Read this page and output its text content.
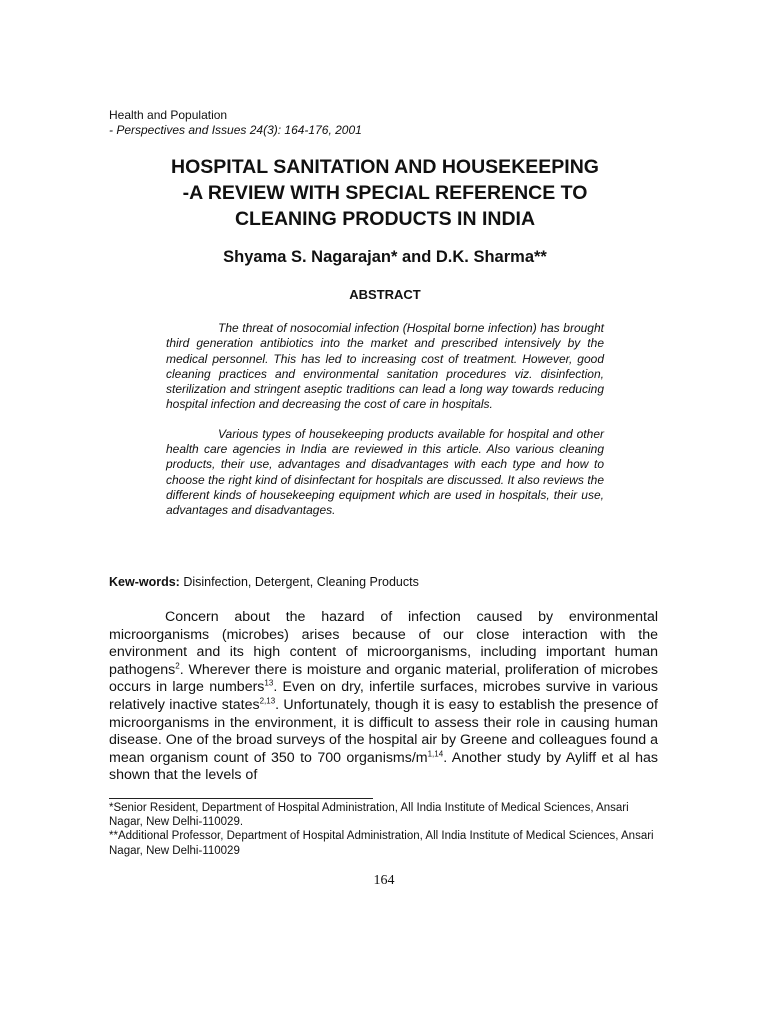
Health and Population
- Perspectives and Issues 24(3): 164-176, 2001
HOSPITAL SANITATION AND HOUSEKEEPING
-A REVIEW WITH SPECIAL REFERENCE TO
CLEANING PRODUCTS IN INDIA
Shyama S. Nagarajan* and D.K. Sharma**
ABSTRACT

The threat of nosocomial infection (Hospital borne infection) has brought third generation antibiotics into the market and prescribed intensively by the medical personnel. This has led to increasing cost of treatment. However, good cleaning practices and environmental sanitation procedures viz. disinfection, sterilization and stringent aseptic traditions can lead a long way towards reducing hospital infection and decreasing the cost of care in hospitals.

Various types of housekeeping products available for hospital and other health care agencies in India are reviewed in this article. Also various cleaning products, their use, advantages and disadvantages with each type and how to choose the right kind of disinfectant for hospitals are discussed. It also reviews the different kinds of housekeeping equipment which are used in hospitals, their use, advantages and disadvantages.

Kew-words: Disinfection, Detergent, Cleaning Products

Concern about the hazard of infection caused by environmental microorganisms (microbes) arises because of our close interaction with the environment and its high content of microorganisms, including important human pathogens$^2$. Wherever there is moisture and organic material, proliferation of microbes occurs in large numbers$^{13}$. Even on dry, infertile surfaces, microbes survive in various relatively inactive states$^{2,13}$. Unfortunately, though it is easy to establish the presence of microorganisms in the environment, it is difficult to assess their role in causing human disease. One of the broad surveys of the hospital air by Greene and colleagues found a mean organism count of 350 to 700 organisms/$m^{1,14}$. Another study by Ayliff et al has shown that the levels of

*Senior Resident, Department of Hospital Administration, All India Institute of Medical Sciences, Ansari Nagar, New Delhi-110029.
**Additional Professor, Department of Hospital Administration, All India Institute of Medical Sciences, Ansari Nagar, New Delhi-110029
164
